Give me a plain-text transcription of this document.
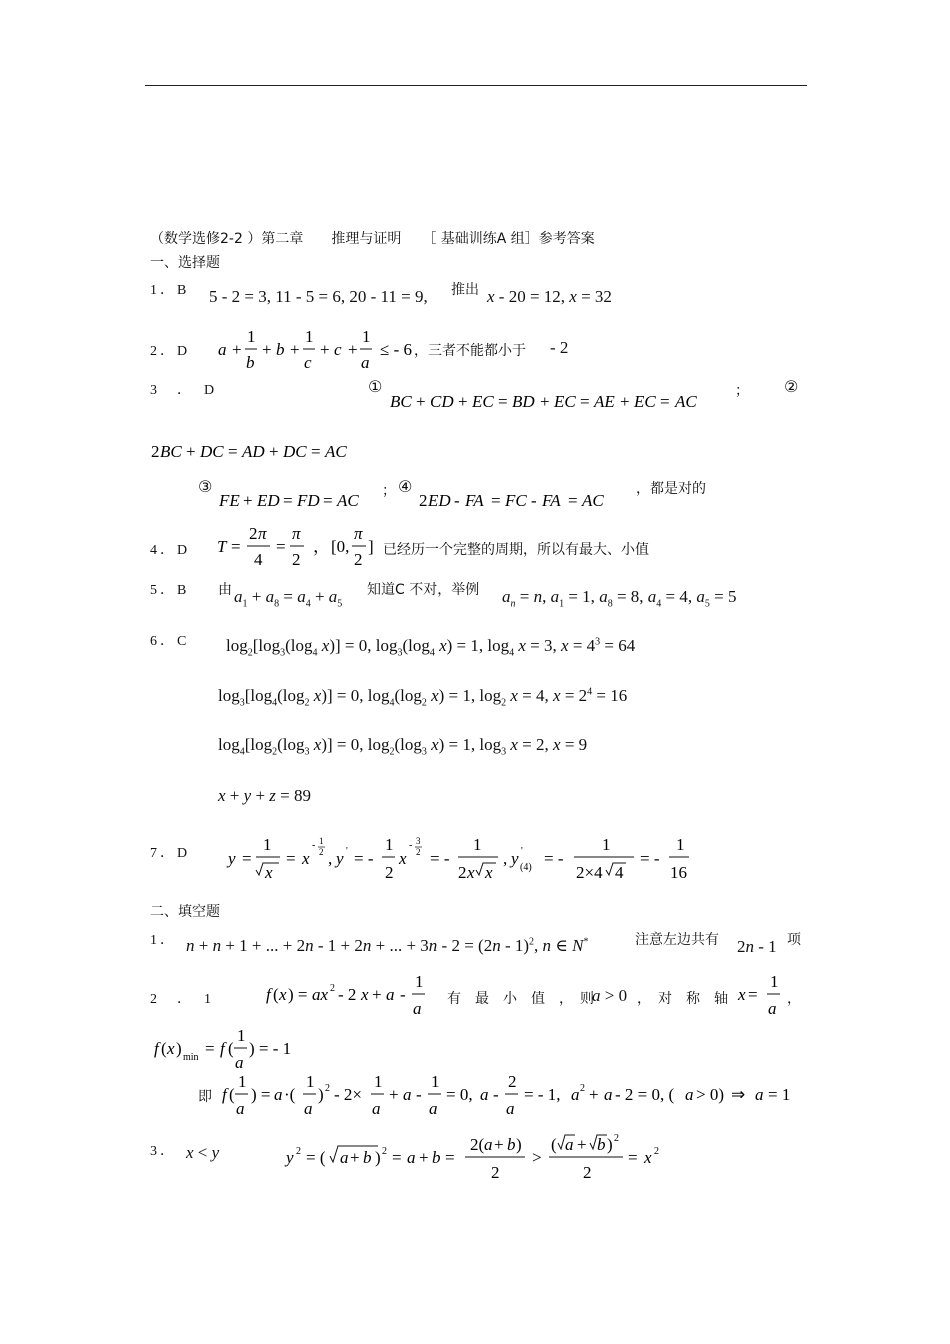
（数学选修2-2 ）第二章　　推理与证明　　［ 基础训练A 组］参考答案
一、选择题
1．B 5 - 2 = 3, 11 - 5 = 6, 20 - 11 = 9, 推出 x - 20 = 12, x = 32
2．D a +
1
b
+ b +
1
c
+ c +
1
a
≤ - 6 ，三者不能都小于 - 2
3　．　D	①
BC + CD + EC = BD + EC = AE + EC = AC
； ②
2 BC + DC = AD + DC = AC
③
FE + ED = FD = AC ； ④
2 ED - FA = FC - FA = AC
，都是对的
4．D T =
2 π
4
=
π
2
， [0,
π
2
] 已经历一个完整的周期，所以有最大、小值
5．B 由 $a_1 + a_8 = a_4 + a_5$
知道C 不对，举例 $a_n = n$, $a_1 = 1$, $a_8 = 8$, $a_4 = 4$, $a_5 = 5$
6．C $\log_2[\log_3(\log_4$ x)] = 0, $\log_3(\log_4$ x) = 1, $\log_4 x = 3$, $x = 4^3 = 64$
$\log_3[\log_4(\log_2$ x)] = 0, $\log_4(\log_2$ x) = 1, $\log_2 x = 4$, $x = 2^4 = 16$
$\log_4[\log_2(\log_3$ x)] = 0, $\log_2(\log_3$ x) = 1, $\log_3 x = 2$, x = 9
x + y + z = 89
7．D y =
1
x
= x
- 1
2 , y ' = -
1
2
x
- 3
2 = -
1
2 x x
, y '
(4) = -
1
2×4 4
= -
1
16
二、填空题
1． n + n + 1 + ... + 2n - 1 + 2n + ... + 3n - 2 = (2n - 1)$^2$, n ∈ N*	注意左边共有 2n - 1 项
2　．　1	f ( x ) = ax 2 - 2 x + a -
1
a 有　最　小　值　，　则
a > 0 ，　对　称　轴 x =
1
a ，
f ( x ) min = f (
1
a
) = - 1
即 f (
1
a
) = a ·(
1
a
) 2 - 2×
1
a
+ a -
1
a
= 0, a -
2
a
= - 1, a 2 + a - 2 = 0, ( a > 0) ⇒ a = 1
3． x < y	y 2 = ( a + b ) 2 = a + b =
2( a + b )
2
>
( a + b ) 2
2
= x 2
